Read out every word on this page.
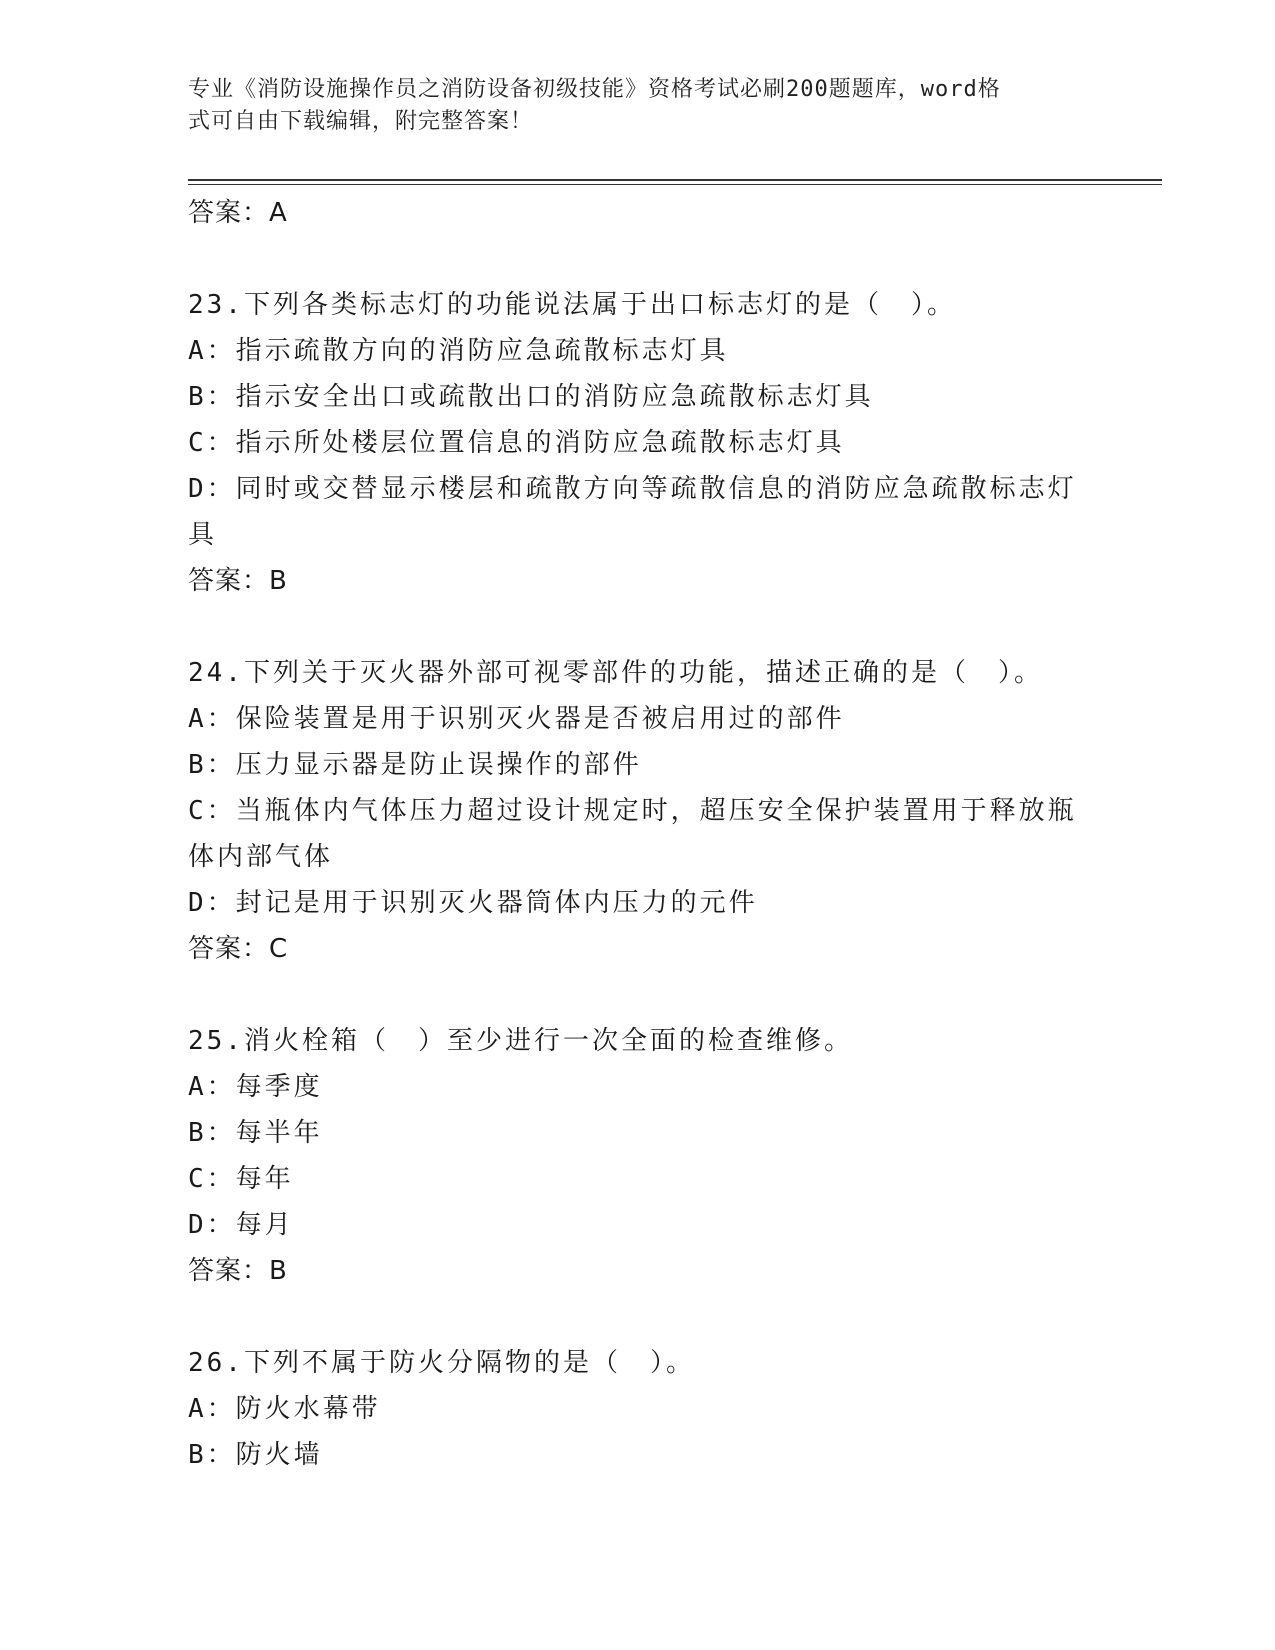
专业《消防设施操作员之消防设备初级技能》资格考试必刷200题题库，word格
式可自由下载编辑，附完整答案！
答案：A
23.下列各类标志灯的功能说法属于出口标志灯的是（　）。
A：指示疏散方向的消防应急疏散标志灯具
B：指示安全出口或疏散出口的消防应急疏散标志灯具
C：指示所处楼层位置信息的消防应急疏散标志灯具
D：同时或交替显示楼层和疏散方向等疏散信息的消防应急疏散标志灯
具
答案：B
24.下列关于灭火器外部可视零部件的功能，描述正确的是（　）。
A：保险装置是用于识别灭火器是否被启用过的部件
B：压力显示器是防止误操作的部件
C：当瓶体内气体压力超过设计规定时，超压安全保护装置用于释放瓶
体内部气体
D：封记是用于识别灭火器筒体内压力的元件
答案：C
25.消火栓箱（　）至少进行一次全面的检查维修。
A：每季度
B：每半年
C：每年
D：每月
答案：B
26.下列不属于防火分隔物的是（　）。
A：防火水幕带
B：防火墙
